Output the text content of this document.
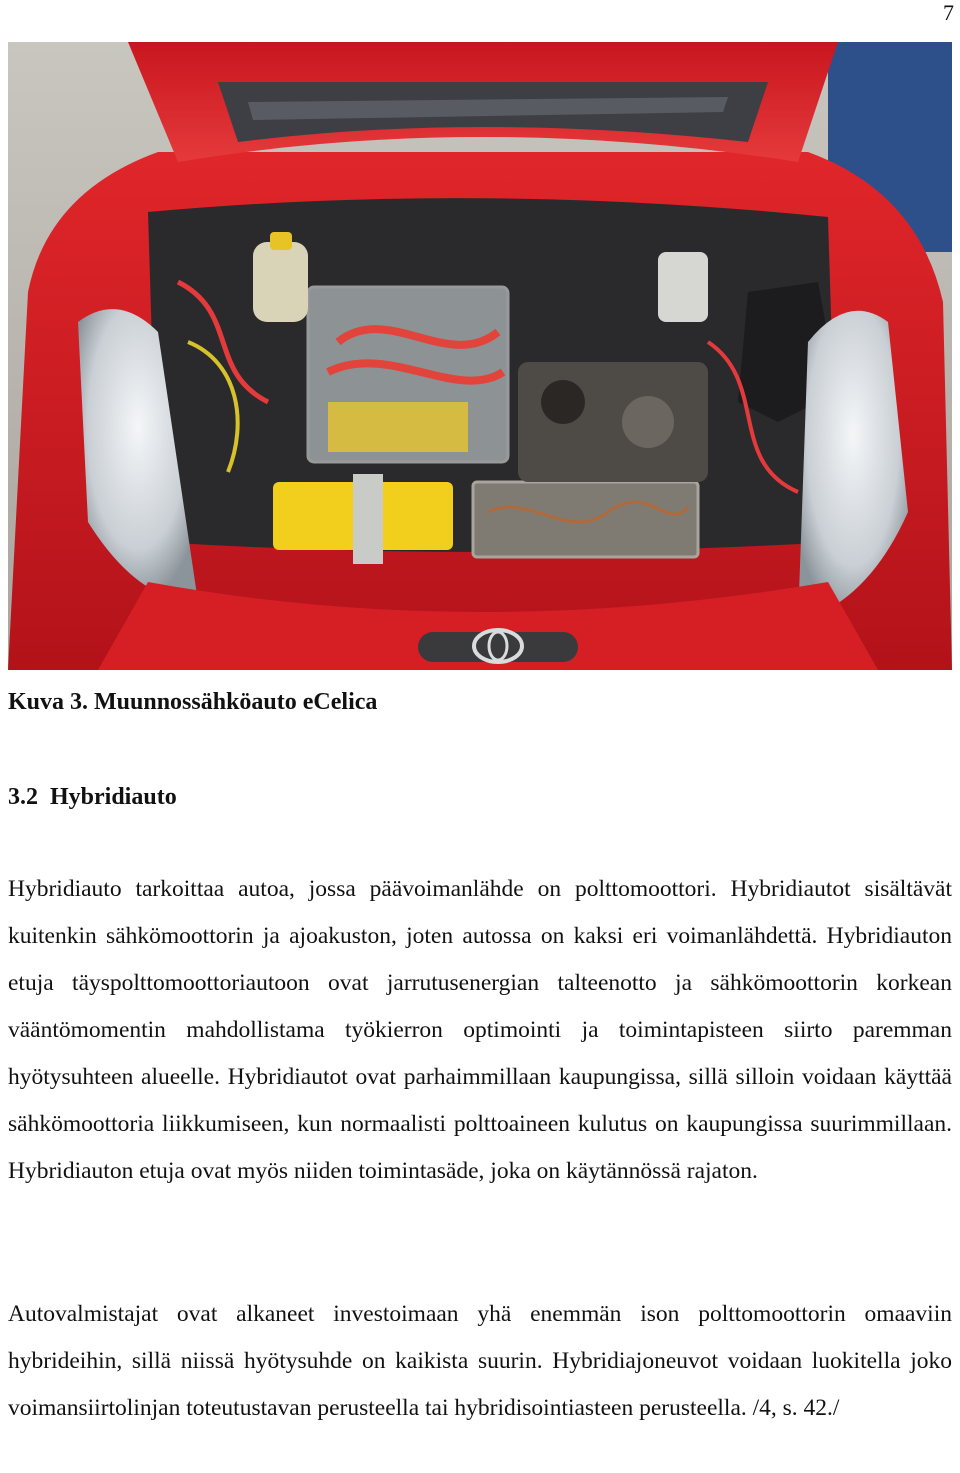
7
Kuva 3. Muunnossähköauto eCelica
3.2  Hybridiauto

Hybridiauto tarkoittaa autoa, jossa päävoimanlähde on polttomoottori. Hybridiautot sisältävät kuitenkin sähkömoottorin ja ajoakuston, joten autossa on kaksi eri voimanlähdettä. Hybridiauton etuja täyspolttomoottoriautoon ovat jarrutusenergian talteenotto ja sähkömoottorin korkean vääntömomentin mahdollistama työkierron optimointi ja toimintapisteen siirto paremman hyötysuhteen alueelle. Hybridiautot ovat parhaimmillaan kaupungissa, sillä silloin voidaan käyttää sähkömoottoria liikkumiseen, kun normaalisti polttoaineen kulutus on kaupungissa suurimmillaan. Hybridiauton etuja ovat myös niiden toimintasäde, joka on käytännössä rajaton.

Autovalmistajat ovat alkaneet investoimaan yhä enemmän ison polttomoottorin omaaviin hybrideihin, sillä niissä hyötysuhde on kaikista suurin. Hybridiajoneuvot voidaan luokitella joko voimansiirtolinjan toteutustavan perusteella tai hybridisointiasteen perusteella. /4, s. 42./
